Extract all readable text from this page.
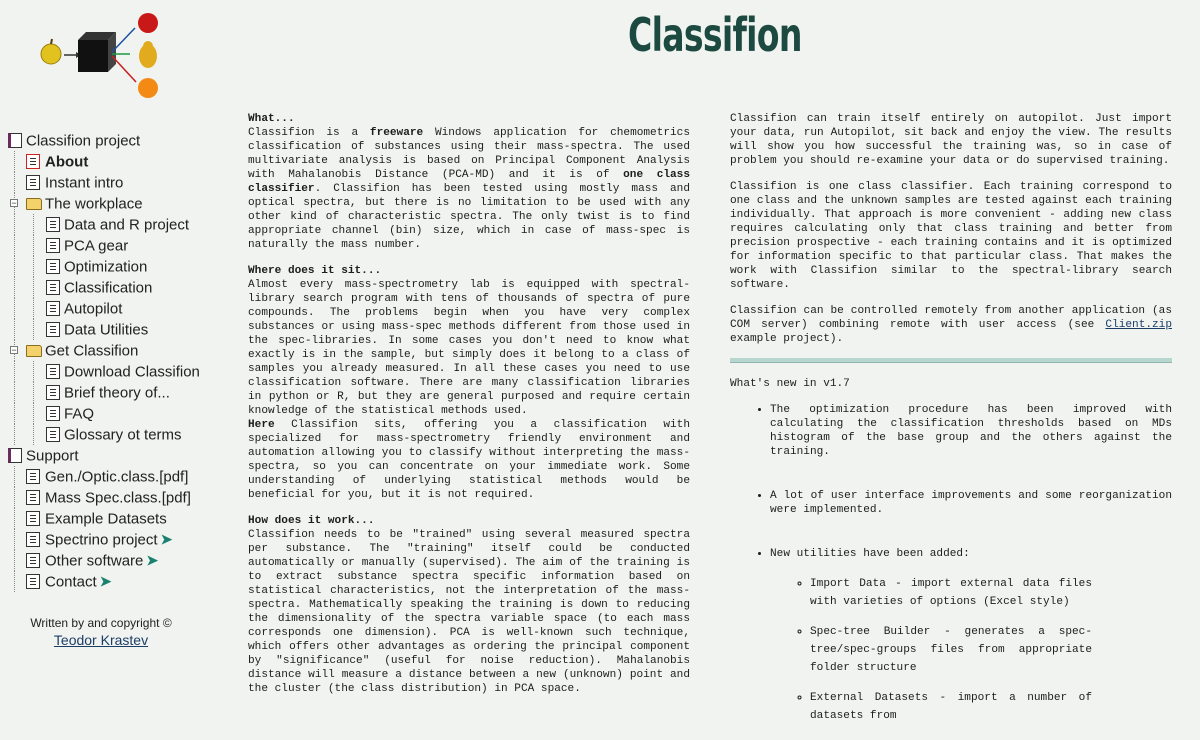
Classifion
Classifion project
About
Instant intro
− The workplace
Data and R project
PCA gear
Optimization
Classification
Autopilot
Data Utilities
− Get Classifion
Download Classifion
Brief theory of...
FAQ
Glossary ot terms
Support
Gen./Optic.class.[pdf]
Mass Spec.class.[pdf]
Example Datasets
Spectrino project ➤
Other software ➤
Contact ➤
Written by and copyright ©
Teodor Krastev
What...

Classifion is a freeware Windows application for chemometrics classification of substances using their mass-spectra. The used multivariate analysis is based on Principal Component Analysis with Mahalanobis Distance (PCA-MD) and it is of one class classifier. Classifion has been tested using mostly mass and optical spectra, but there is no limitation to be used with any other kind of characteristic spectra. The only twist is to find appropriate channel (bin) size, which in case of mass-spec is naturally the mass number.

Where does it sit...

Almost every mass-spectrometry lab is equipped with spectral-library search program with tens of thousands of spectra of pure compounds. The problems begin when you have very complex substances or using mass-spec methods different from those used in the spec-libraries. In some cases you don't need to know what exactly is in the sample, but simply does it belong to a class of samples you already measured. In all these cases you need to use classification software. There are many classification libraries in python or R, but they are general purposed and require certain knowledge of the statistical methods used.

Here Classifion sits, offering you a classification with specialized for mass-spectrometry friendly environment and automation allowing you to classify without interpreting the mass-spectra, so you can concentrate on your immediate work. Some understanding of underlying statistical methods would be beneficial for you, but it is not required.

How does it work...

Classifion needs to be "trained" using several measured spectra per substance. The "training" itself could be conducted automatically or manually (supervised). The aim of the training is to extract substance spectra specific information based on statistical characteristics, not the interpretation of the mass-spectra. Mathematically speaking the training is down to reducing the dimensionality of the spectra variable space (to each mass corresponds one dimension). PCA is well-known such technique, which offers other advantages as ordering the principal component by "significance" (useful for noise reduction). Mahalanobis distance will measure a distance between a new (unknown) point and the cluster (the class distribution) in PCA space.

Classifion can train itself entirely on autopilot. Just import your data, run Autopilot, sit back and enjoy the view. The results will show you how successful the training was, so in case of problem you should re-examine your data or do supervised training.

Classifion is one class classifier. Each training correspond to one class and the unknown samples are tested against each training individually. That approach is more convenient - adding new class requires calculating only that class training and better from precision prospective - each training contains and it is optimized for information specific to that particular class. That makes the work with Classifion similar to the spectral-library search software.

Classifion can be controlled remotely from another application (as COM server) combining remote with user access (see Client.zip example project).

What's new in v1.7

• The optimization procedure has been improved with calculating the classification thresholds based on MDs histogram of the base group and the others against the training.
• A lot of user interface improvements and some reorganization were implemented.
• New utilities have been added:
◦ Import Data - import external data files with varieties of options (Excel style)
◦ Spec-tree Builder - generates a spec-tree/spec-groups files from appropriate folder structure
◦ External Datasets - import a number of datasets from
